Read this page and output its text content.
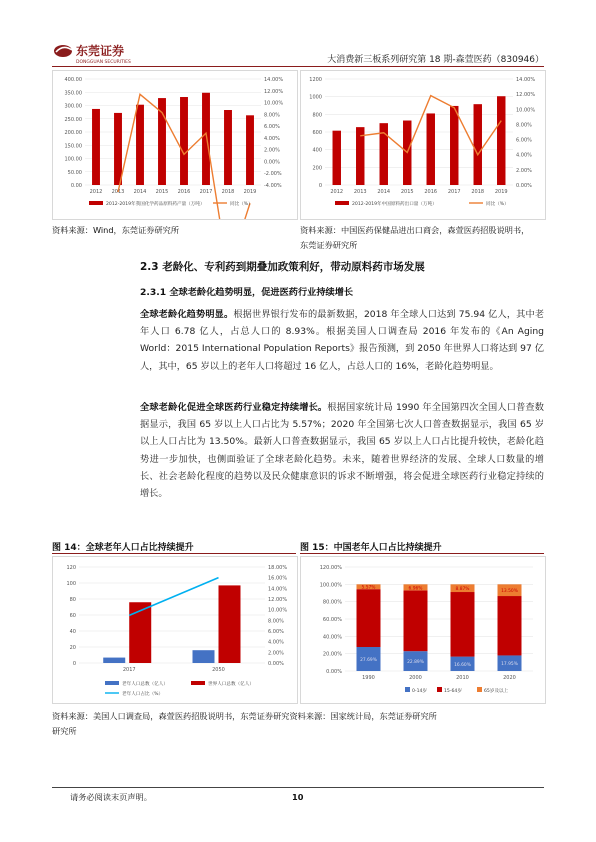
东莞证券
DONGGUAN SECURITIES	大消费新三板系列研究第 18 期-森萱医药（830946）
0.00
50.00
100.00
150.00
200.00
250.00
300.00
350.00
400.00
-4.00%
-2.00%
0.00%
2.00%
4.00%
6.00%
8.00%
10.00%
12.00%
14.00%
2012 2013 2014 2015 2016 2017 2018 2019
2012-2019年我国化学药品原料药产量（万吨）	同比（%）
0
200
400
600
800
1000
1200
0.00%
2.00%
4.00%
6.00%
8.00%
10.00%
12.00%
14.00%
2012 2013 2014 2015 2016 2017 2018 2019
2012-2019年中国原料药出口量（万吨）	同比（%）
资料来源：Wind，东莞证券研究所	资料来源：中国医药保健品进出口商会，森萱医药招股说明书，
东莞证券研究所
2.3 老龄化、专利药到期叠加政策利好，带动原料药市场发展
2.3.1 全球老龄化趋势明显，促进医药行业持续增长
全球老龄化趋势明显。根据世界银行发布的最新数据，2018 年全球人口达到 75.94 亿人，其中老年人口 6.78 亿人，占总人口的 8.93%。根据美国人口调查局 2016 年发布的《An Aging World：2015 International Population Reports》报告预测，到 2050 年世界人口将达到 97 亿人，其中，65 岁以上的老年人口将超过 16 亿人，占总人口的 16%，老龄化趋势明显。
全球老龄化促进全球医药行业稳定持续增长。根据国家统计局 1990 年全国第四次全国人口普查数据显示，我国 65 岁以上人口占比为 5.57%；2020 年全国第七次人口普查数据显示，我国 65 岁以上人口占比为 13.50%。最新人口普查数据显示，我国 65 岁以上人口占比提升较快，老龄化趋势进一步加快，也侧面验证了全球老龄化趋势。未来，随着世界经济的发展、全球人口数量的增长、社会老龄化程度的趋势以及民众健康意识的诉求不断增强，将会促进全球医药行业稳定持续的增长。
图 14：全球老年人口占比持续提升	图 15：中国老年人口占比持续提升
0
20
40
60
80
100
120
0.00%
2.00%
4.00%
6.00%
8.00%
10.00%
12.00%
14.00%
16.00%
18.00%
2017	2050
老年人口总数（亿人）	世界人口总数（亿人）
老年人口占比（%）
0.00%
20.00%
40.00%
60.00%
80.00%
100.00%
120.00%
27.69%
5.57%
1990
22.89%
6.96%
2000
16.60%
8.87%
2010
17.95%
13.50%
2020
0-14岁	15-64岁	65岁及以上
资料来源：美国人口调查局，森萱医药招股说明书，东莞证券研究资料来源：国家统计局，东莞证券研究所
研究所
请务必阅读末页声明。	10
